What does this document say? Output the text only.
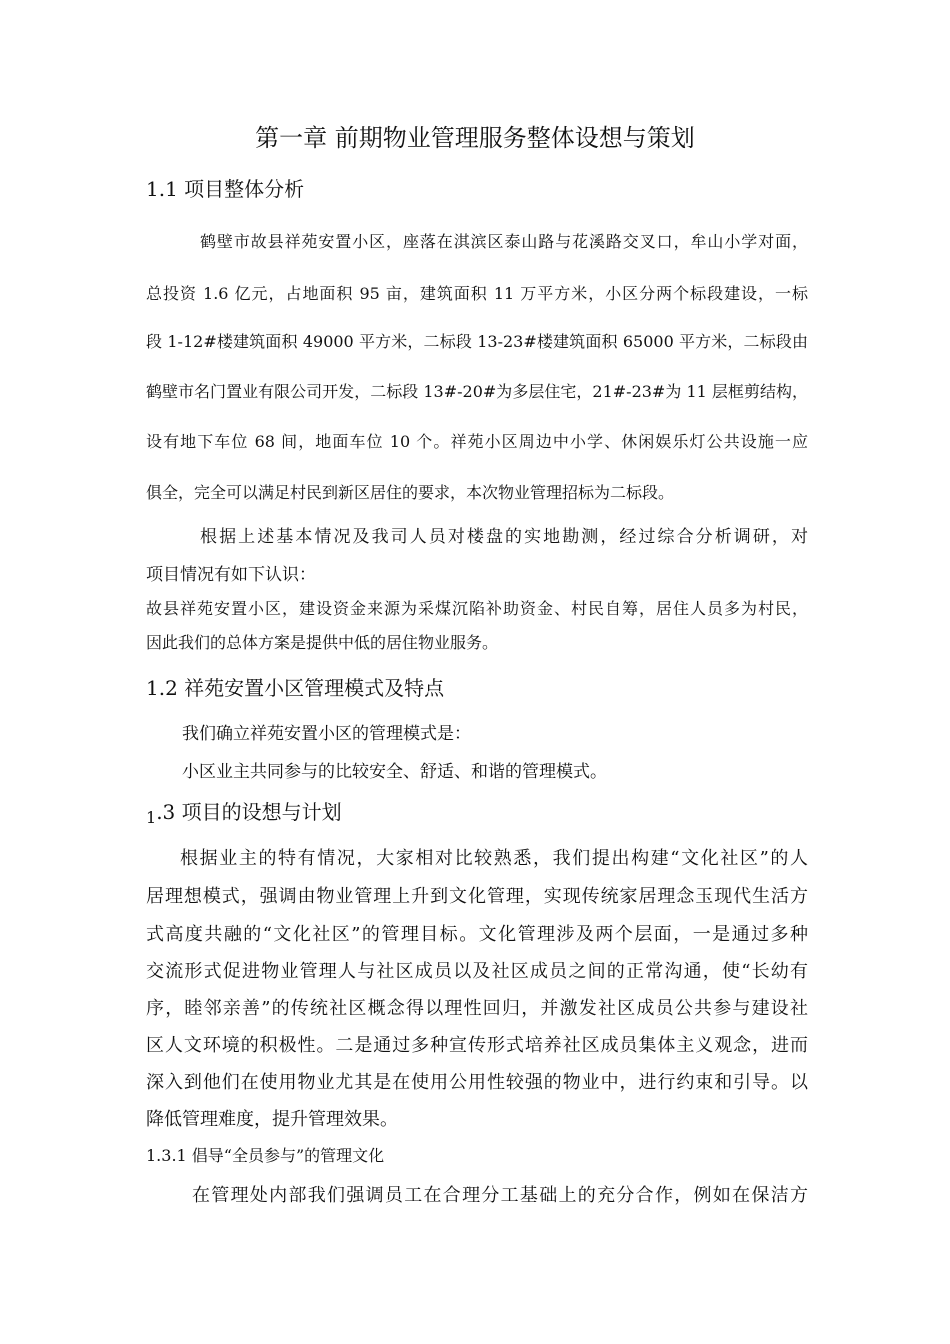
第一章 前期物业管理服务整体设想与策划
1.1 项目整体分析
鹤壁市故县祥苑安置小区，座落在淇滨区泰山路与花溪路交叉口，牟山小学对面，
总投资 1.6 亿元，占地面积 95 亩，建筑面积 11 万平方米，小区分两个标段建设，一标
段 1-12#楼建筑面积 49000 平方米，二标段 13-23#楼建筑面积 65000 平方米，二标段由
鹤壁市名门置业有限公司开发，二标段 13#-20#为多层住宅，21#-23#为 11 层框剪结构，
设有地下车位 68 间，地面车位 10 个。祥苑小区周边中小学、休闲娱乐灯公共设施一应
俱全，完全可以满足村民到新区居住的要求，本次物业管理招标为二标段。
根据上述基本情况及我司人员对楼盘的实地勘测，经过综合分析调研，对
项目情况有如下认识：
故县祥苑安置小区，建设资金来源为采煤沉陷补助资金、村民自筹，居住人员多为村民，
因此我们的总体方案是提供中低的居住物业服务。
1.2 祥苑安置小区管理模式及特点
我们确立祥苑安置小区的管理模式是：
小区业主共同参与的比较安全、舒适、和谐的管理模式。
$_1$.3 项目的设想与计划
根据业主的特有情况，大家相对比较熟悉，我们提出构建“文化社区”的人
居理想模式，强调由物业管理上升到文化管理，实现传统家居理念玉现代生活方
式高度共融的“文化社区”的管理目标。文化管理涉及两个层面，一是通过多种
交流形式促进物业管理人与社区成员以及社区成员之间的正常沟通，使“长幼有
序，睦邻亲善”的传统社区概念得以理性回归，并激发社区成员公共参与建设社
区人文环境的积极性。二是通过多种宣传形式培养社区成员集体主义观念，进而
深入到他们在使用物业尤其是在使用公用性较强的物业中，进行约束和引导。以
降低管理难度，提升管理效果。
1.3.1 倡导“全员参与”的管理文化
在管理处内部我们强调员工在合理分工基础上的充分合作，例如在保洁方
